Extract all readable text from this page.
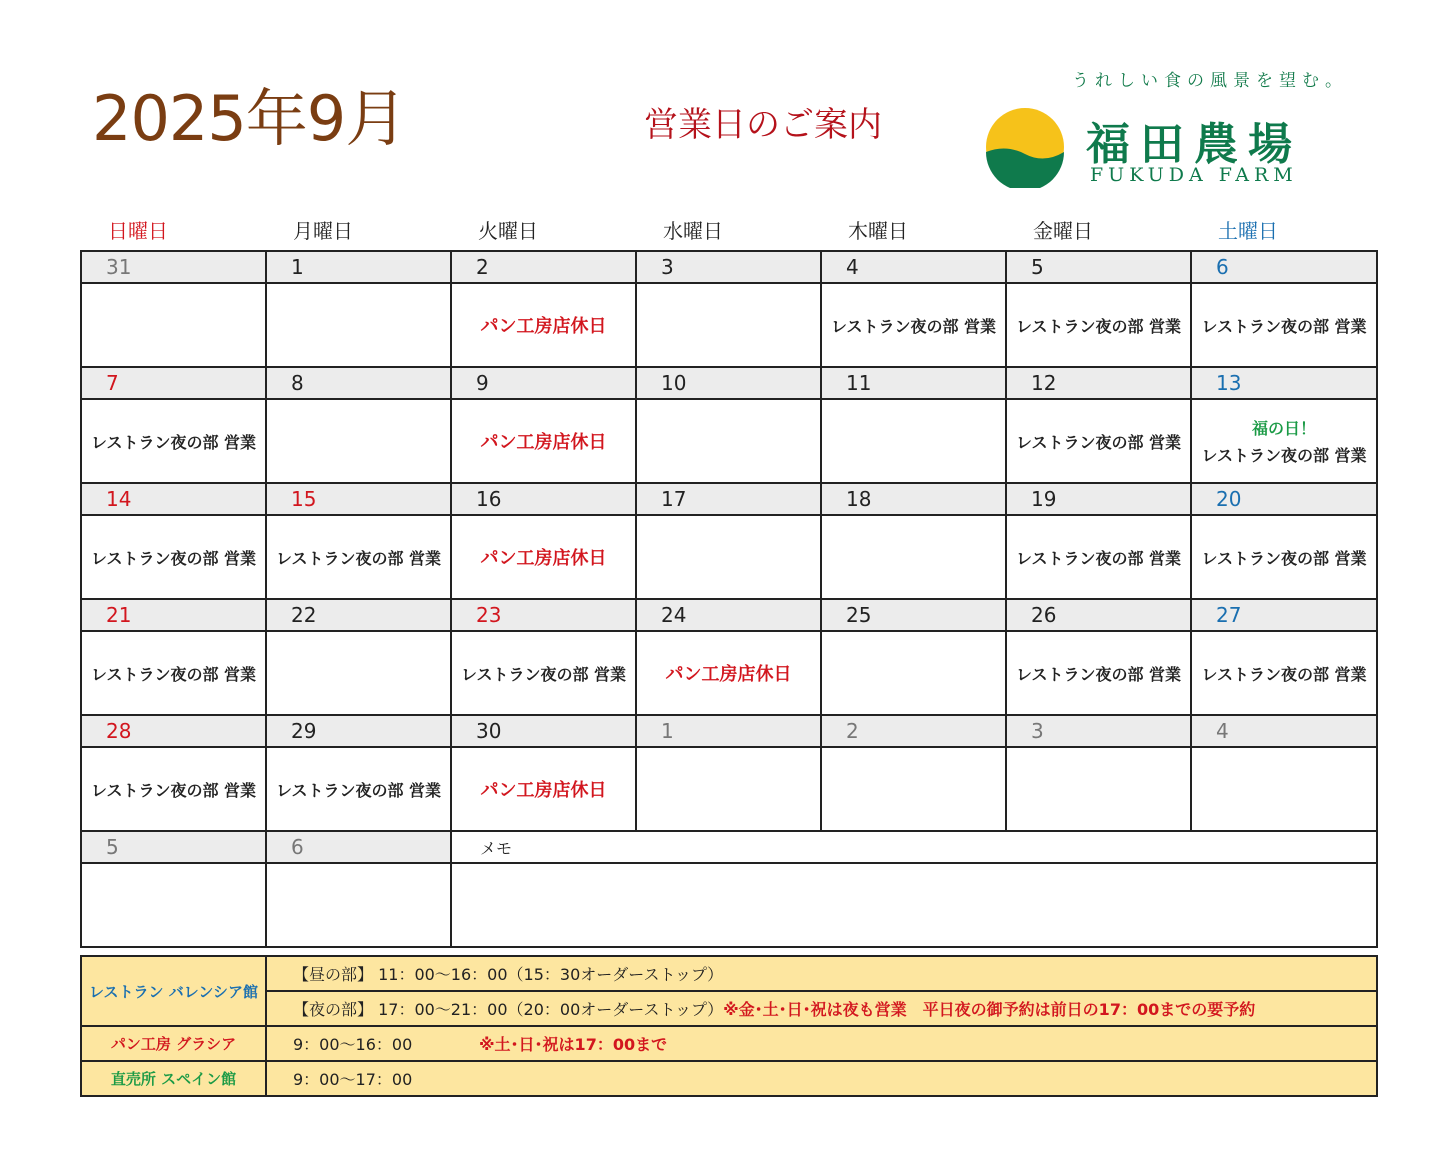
2025年9月	営業日のご案内
うれしい食の風景を望む。
福田農場
FUKUDA FARM
日曜日	月曜日	火曜日	水曜日	木曜日	金曜日	土曜日
31	1	2	3	4	5	6
		パン工房店休日		レストラン夜の部 営業	レストラン夜の部 営業	レストラン夜の部 営業
7	8	9	10	11	12	13
レストラン夜の部 営業		パン工房店休日			レストラン夜の部 営業	福の日！
レストラン夜の部 営業
14	15	16	17	18	19	20
レストラン夜の部 営業	レストラン夜の部 営業	パン工房店休日			レストラン夜の部 営業	レストラン夜の部 営業
21	22	23	24	25	26	27
レストラン夜の部 営業		レストラン夜の部 営業	パン工房店休日		レストラン夜の部 営業	レストラン夜の部 営業
28	29	30	1	2	3	4
レストラン夜の部 営業	レストラン夜の部 営業	パン工房店休日				
5	6	メモ				

レストラン バレンシア館	【昼の部】 11：00～16：00（15：30オーダーストップ）
	【夜の部】 17：00～21：00（20：00オーダーストップ）※金･土･日･祝は夜も営業　平日夜の御予約は前日の17：00までの要予約
パン工房 グラシア	9：00～16：00 ※土･日･祝は17：00まで
直売所 スペイン館	9：00～17：00
